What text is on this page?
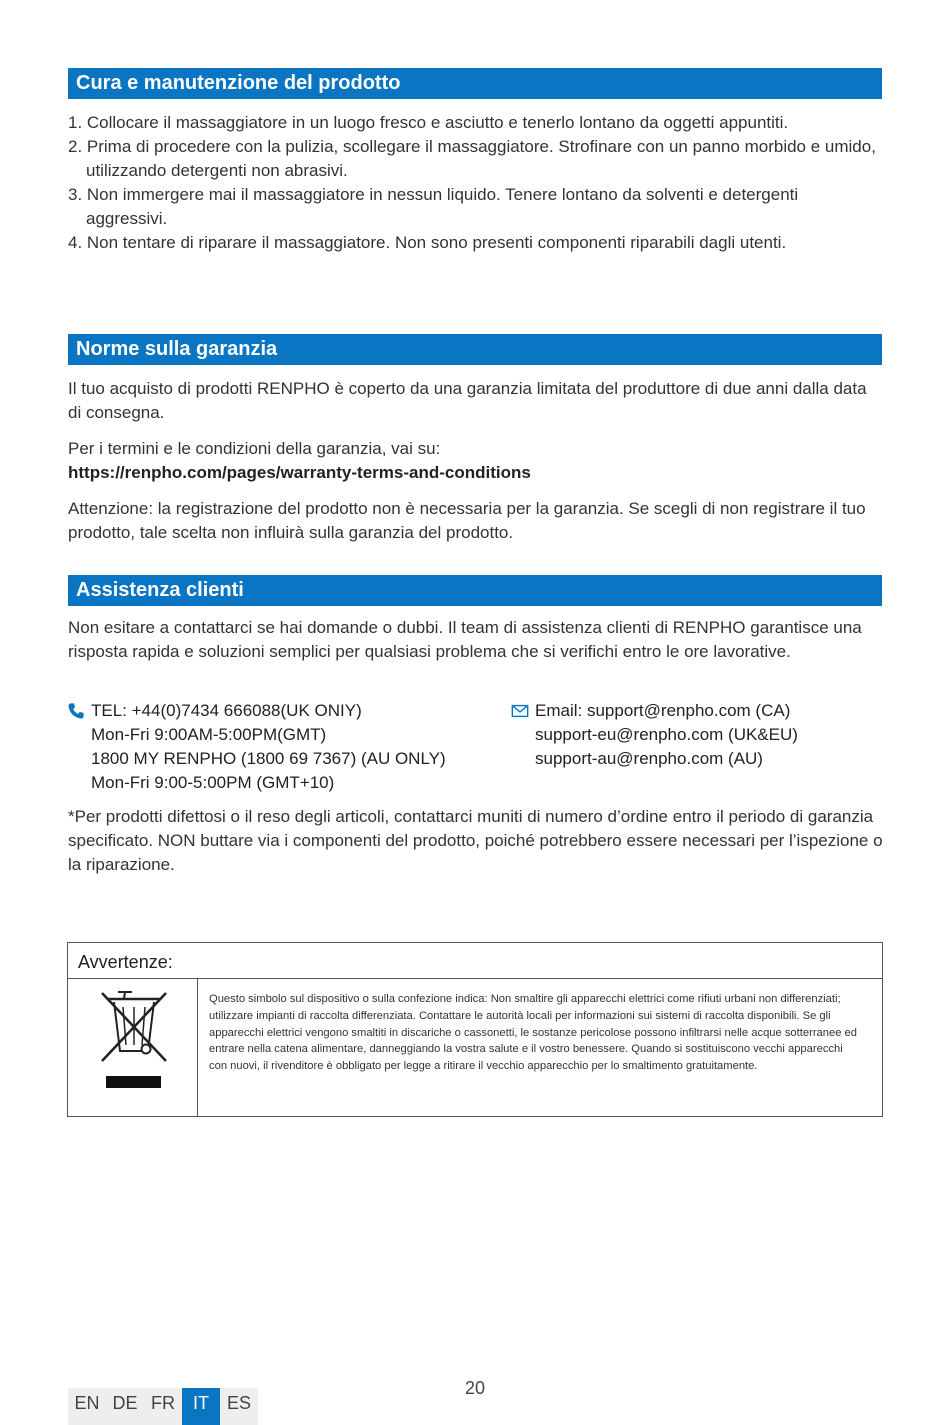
Cura e manutenzione del prodotto
1. Collocare il massaggiatore in un luogo fresco e asciutto e tenerlo lontano da oggetti appuntiti.
2. Prima di procedere con la pulizia, scollegare il massaggiatore. Strofinare con un panno morbido e umido, utilizzando detergenti non abrasivi.
3. Non immergere mai il massaggiatore in nessun liquido. Tenere lontano da solventi e detergenti aggressivi.
4. Non tentare di riparare il massaggiatore. Non sono presenti componenti riparabili dagli utenti.
Norme sulla garanzia

Il tuo acquisto di prodotti RENPHO è coperto da una garanzia limitata del produttore di due anni dalla data di consegna.

Per i termini e le condizioni della garanzia, vai su:
https://renpho.com/pages/warranty-terms-and-conditions

Attenzione: la registrazione del prodotto non è necessaria per la garanzia. Se scegli di non registrare il tuo prodotto, tale scelta non influirà sulla garanzia del prodotto.

Assistenza clienti

Non esitare a contattarci se hai domande o dubbi. Il team di assistenza clienti di RENPHO garantisce una risposta rapida e soluzioni semplici per qualsiasi problema che si verifichi entro le ore lavorative.

TEL: +44(0)7434 666088(UK ONIY)
Mon-Fri 9:00AM-5:00PM(GMT)
1800 MY RENPHO (1800 69 7367) (AU ONLY)
Mon-Fri 9:00-5:00PM (GMT+10)
Email: support@renpho.com (CA)
support-eu@renpho.com (UK&EU)
support-au@renpho.com (AU)

*Per prodotti difettosi o il reso degli articoli, contattarci muniti di numero d’ordine entro il periodo di garanzia specificato. NON buttare via i componenti del prodotto, poiché potrebbero essere necessari per l’ispezione o la riparazione.

Avvertenze:
Questo simbolo sul dispositivo o sulla confezione indica: Non smaltire gli apparecchi elettrici come rifiuti urbani non differenziati; utilizzare impianti di raccolta differenziata. Contattare le autorità locali per informazioni sui sistemi di raccolta disponibili. Se gli apparecchi elettrici vengono smaltiti in discariche o cassonetti, le sostanze pericolose possono infiltrarsi nelle acque sotterranee ed entrare nella catena alimentare, danneggiando la vostra salute e il vostro benessere. Quando si sostituiscono vecchi apparecchi con nuovi, il rivenditore è obbligato per legge a ritirare il vecchio apparecchio per lo smaltimento gratuitamente.
20
EN DE FR	IT ES
